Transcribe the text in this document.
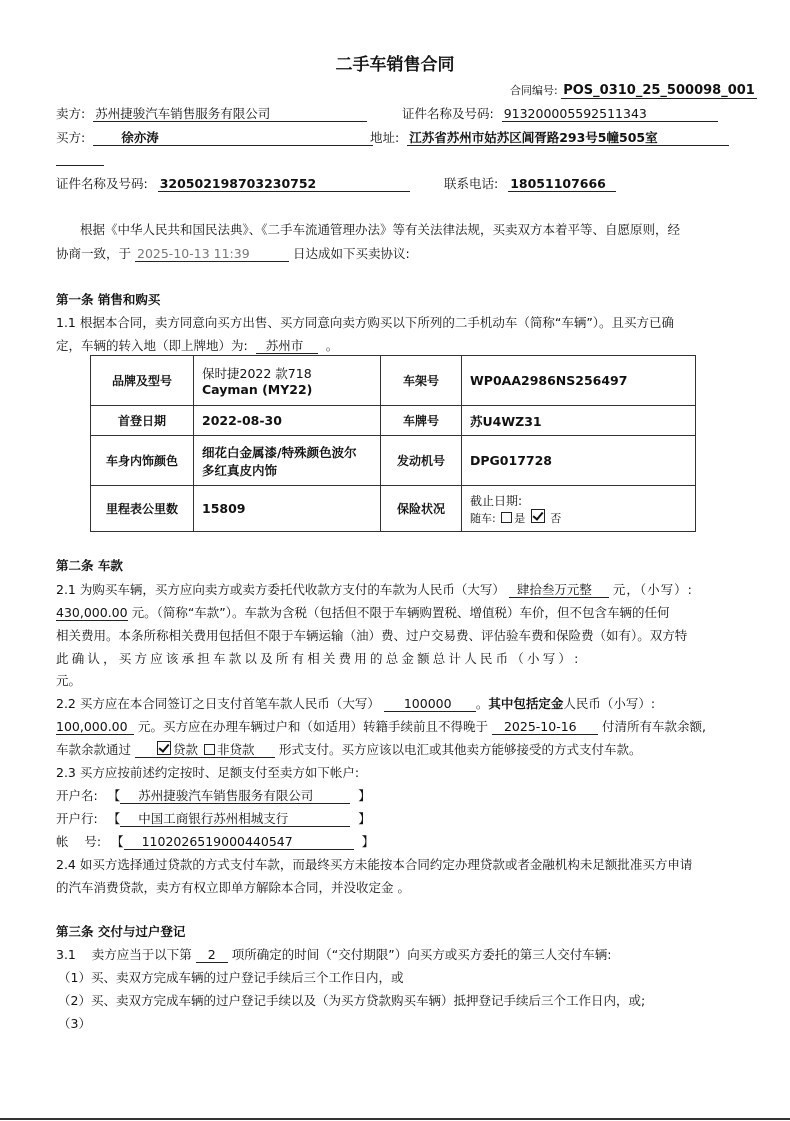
二手车销售合同
合同编号: POS_0310_25_500098_001
卖方: 苏州捷骏汽车销售服务有限公司	证件名称及号码: 913200005592511343
买方:	徐亦涛	地址: 江苏省苏州市姑苏区阊胥路293号5幢505室
证件名称及号码: 320502198703230752	联系电话: 18051107666
根据《中华人民共和国民法典》、《二手车流通管理办法》等有关法律法规，买卖双方本着平等、自愿原则，经
协商一致，于 2025-10-13 11:39	日达成如下买卖协议:
第一条 销售和购买
1.1 根据本合同，卖方同意向买方出售、买方同意向卖方购买以下所列的二手机动车（简称“车辆”）。且买方已确
定，车辆的转入地（即上牌地）为: 苏州市 。
品牌及型号	保时捷2022 款718
Cayman (MY22)	车架号	WP0AA2986NS256497
首登日期	2022-08-30	车牌号	苏U4WZ31
车身内饰颜色	细花白金属漆/特殊颜色波尔
多红真皮内饰	发动机号	DPG017728
里程表公里数	15809	保险状况	截止日期:
随车: 是 否
第二条 车款
2.1 为购买车辆，买方应向卖方或卖方委托代收款方支付的车款为人民币（大写） 肆拾叁万元整 元，（小写）:
430,000.00 元。（简称“车款”）。车款为含税（包括但不限于车辆购置税、增值税）车价，但不包含车辆的任何
相关费用。本条所称相关费用包括但不限于车辆运输（油）费、过户交易费、评估验车费和保险费（如有）。双方特
此确认，买方应该承担车款以及所有相关费用的总金额总计人民币（小写）:
元。
2.2 买方应在本合同签订之日支付首笔车款人民币（大写） 100000 。其中包括定金人民币（小写）:
100,000.00 元。买方应在办理车辆过户和（如适用）转籍手续前且不得晚于 2025-10-16 付清所有车款余额,
车款余款通过	贷款 非贷款 形式支付。买方应该以电汇或其他卖方能够接受的方式支付车款。
2.3 买方应按前述约定按时、足额支付至卖方如下帐户:
开户名: 【 苏州捷骏汽车销售服务有限公司	】
开户行: 【 中国工商银行苏州相城支行	】
帐    号: 【 1102026519000440547	】
2.4 如买方选择通过贷款的方式支付车款，而最终买方未能按本合同约定办理贷款或者金融机构未足额批准买方申请
的汽车消费贷款，卖方有权立即单方解除本合同，并没收定金 。
第三条 交付与过户登记
3.1    卖方应当于以下第 2 项所确定的时间（“交付期限”）向买方或买方委托的第三人交付车辆:
（1）买、卖双方完成车辆的过户登记手续后三个工作日内，或
（2）买、卖双方完成车辆的过户登记手续以及（为买方贷款购买车辆）抵押登记手续后三个工作日内，或;
（3）
